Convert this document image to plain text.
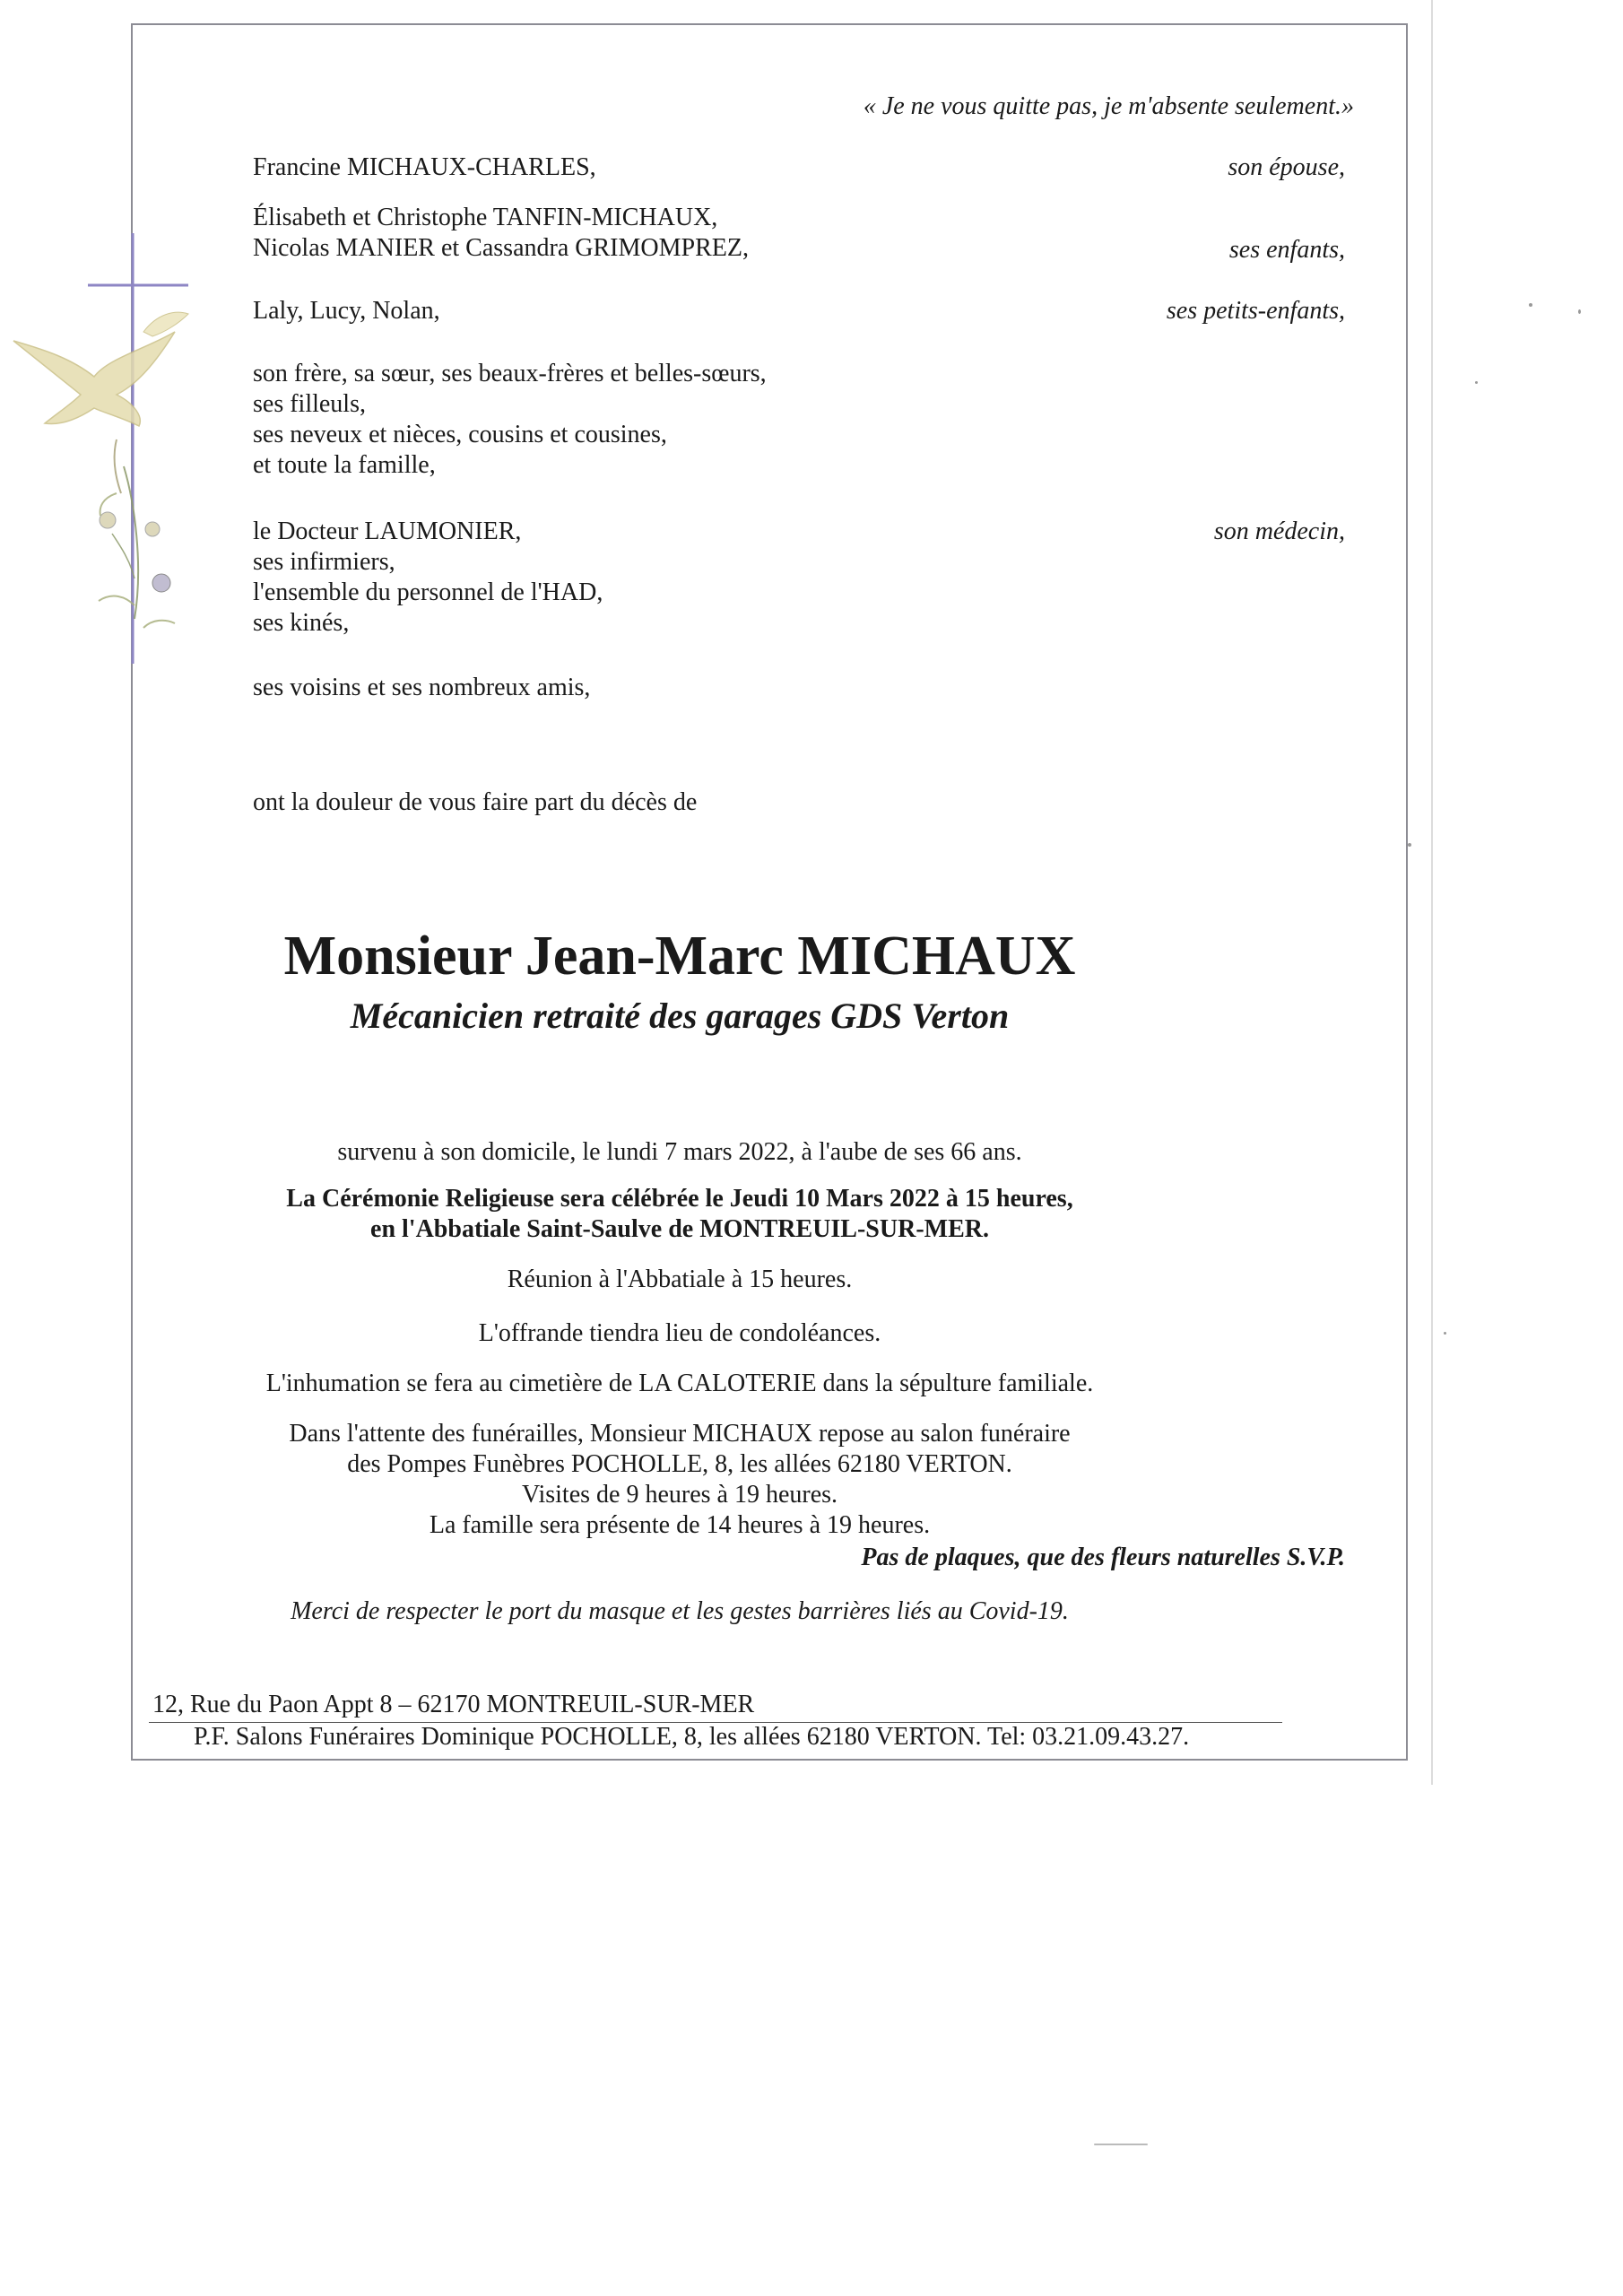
« Je ne vous quitte pas, je m'absente seulement.»
Francine MICHAUX-CHARLES,	son épouse,
Élisabeth et Christophe TANFIN-MICHAUX,
Nicolas MANIER et Cassandra GRIMOMPREZ,	ses enfants,
Laly, Lucy, Nolan,	ses petits-enfants,
son frère, sa sœur, ses beaux-frères et belles-sœurs,
ses filleuls,
ses neveux et nièces, cousins et cousines,
et toute la famille,
le Docteur LAUMONIER,	son médecin,
ses infirmiers,
l'ensemble du personnel de l'HAD,
ses kinés,
ses voisins et ses nombreux amis,
ont la douleur de vous faire part du décès de
Monsieur Jean-Marc MICHAUX
Mécanicien retraité des garages GDS Verton
survenu à son domicile, le lundi 7 mars 2022, à l'aube de ses 66 ans.
La Cérémonie Religieuse sera célébrée le Jeudi 10 Mars 2022 à 15 heures,
en l'Abbatiale Saint-Saulve de MONTREUIL-SUR-MER.
Réunion à l'Abbatiale à 15 heures.
L'offrande tiendra lieu de condoléances.
L'inhumation se fera au cimetière de LA CALOTERIE dans la sépulture familiale.
Dans l'attente des funérailles, Monsieur MICHAUX repose au salon funéraire
des Pompes Funèbres POCHOLLE, 8, les allées 62180 VERTON.
Visites de 9 heures à 19 heures.
La famille sera présente de 14 heures à 19 heures.
Pas de plaques, que des fleurs naturelles S.V.P.
Merci de respecter le port du masque et les gestes barrières liés au Covid-19.
12, Rue du Paon Appt 8 – 62170 MONTREUIL-SUR-MER
P.F. Salons Funéraires Dominique POCHOLLE, 8, les allées 62180 VERTON. Tel: 03.21.09.43.27.
